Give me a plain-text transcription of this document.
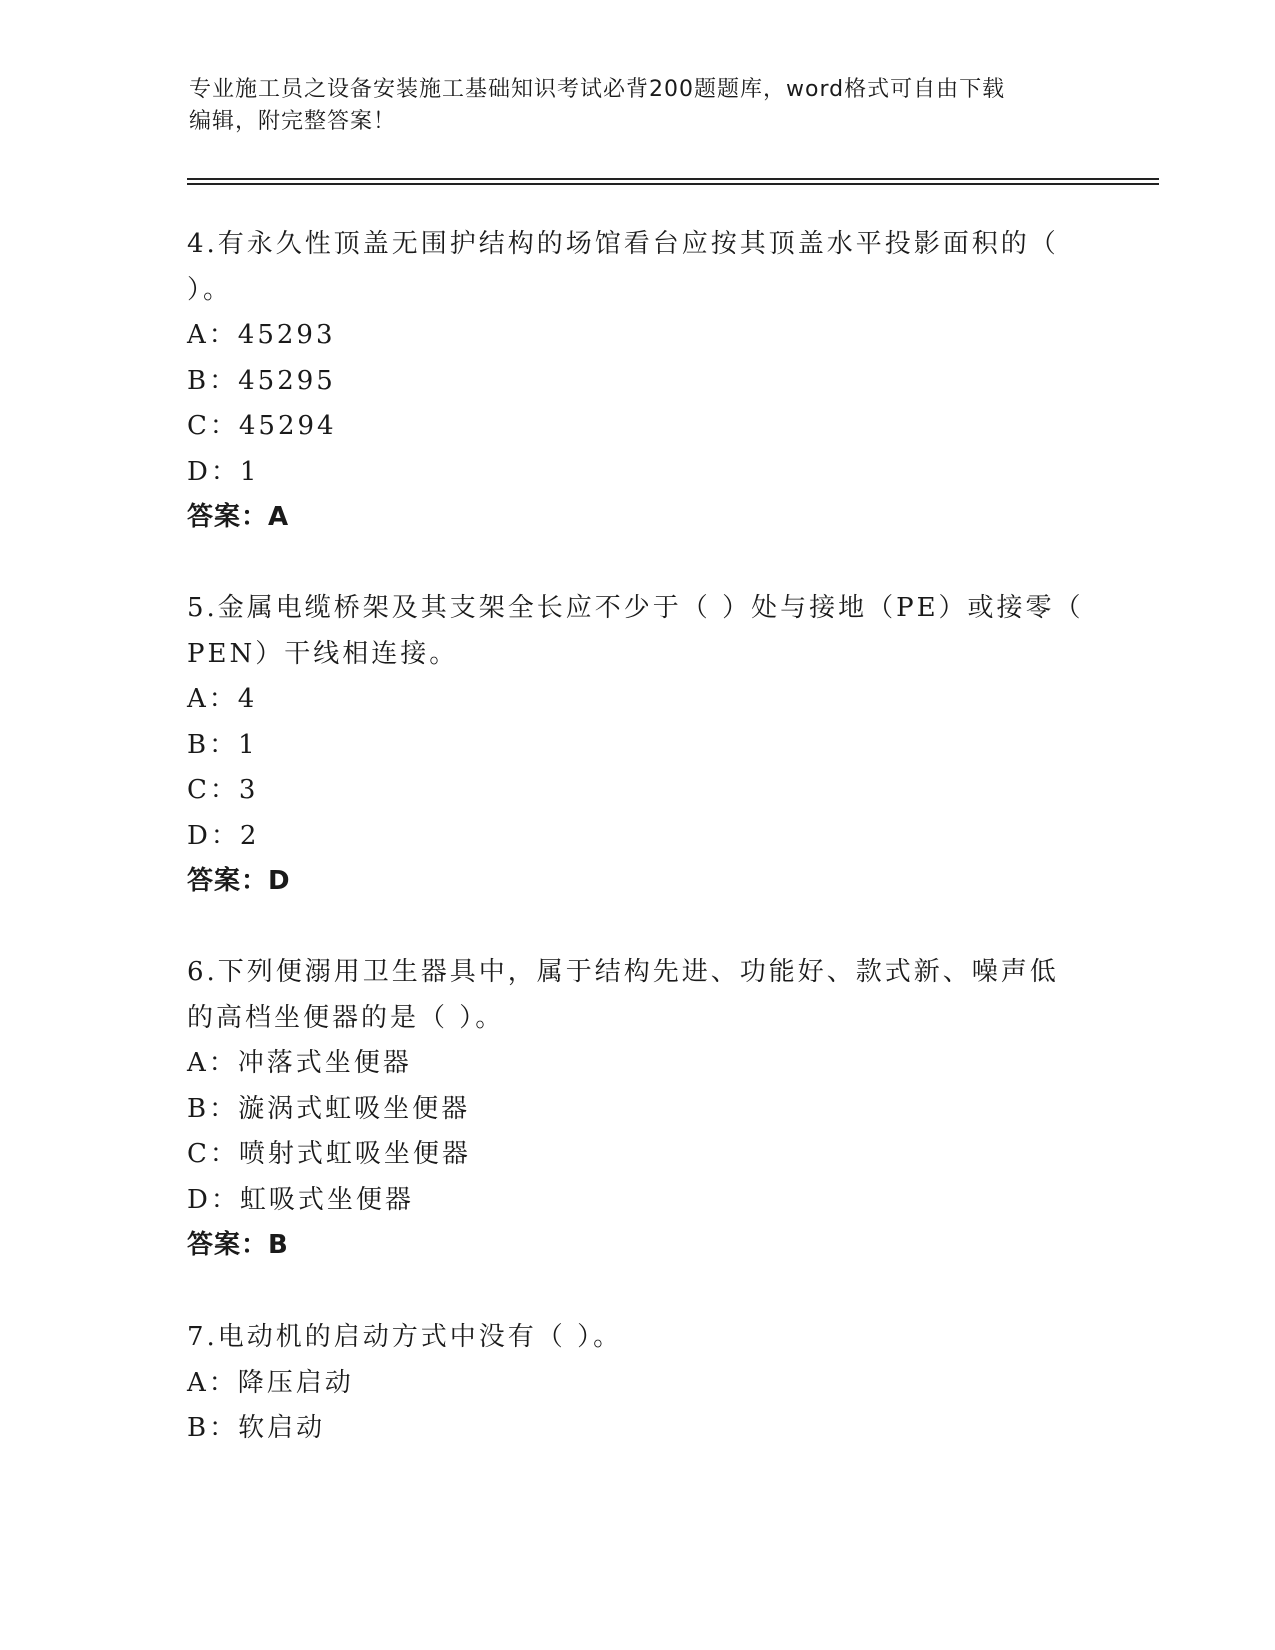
专业施工员之设备安装施工基础知识考试必背200题题库，word格式可自由下载
编辑，附完整答案！
4.有永久性顶盖无围护结构的场馆看台应按其顶盖水平投影面积的（
）。
A：45293
B：45295
C：45294
D：1
答案：A
5.金属电缆桥架及其支架全长应不少于（ ）处与接地（PE）或接零（
PEN）干线相连接。
A：4
B：1
C：3
D：2
答案：D
6.下列便溺用卫生器具中，属于结构先进、功能好、款式新、噪声低
的高档坐便器的是（ ）。
A：冲落式坐便器
B：漩涡式虹吸坐便器
C：喷射式虹吸坐便器
D：虹吸式坐便器
答案：B
7.电动机的启动方式中没有（ ）。
A：降压启动
B：软启动
